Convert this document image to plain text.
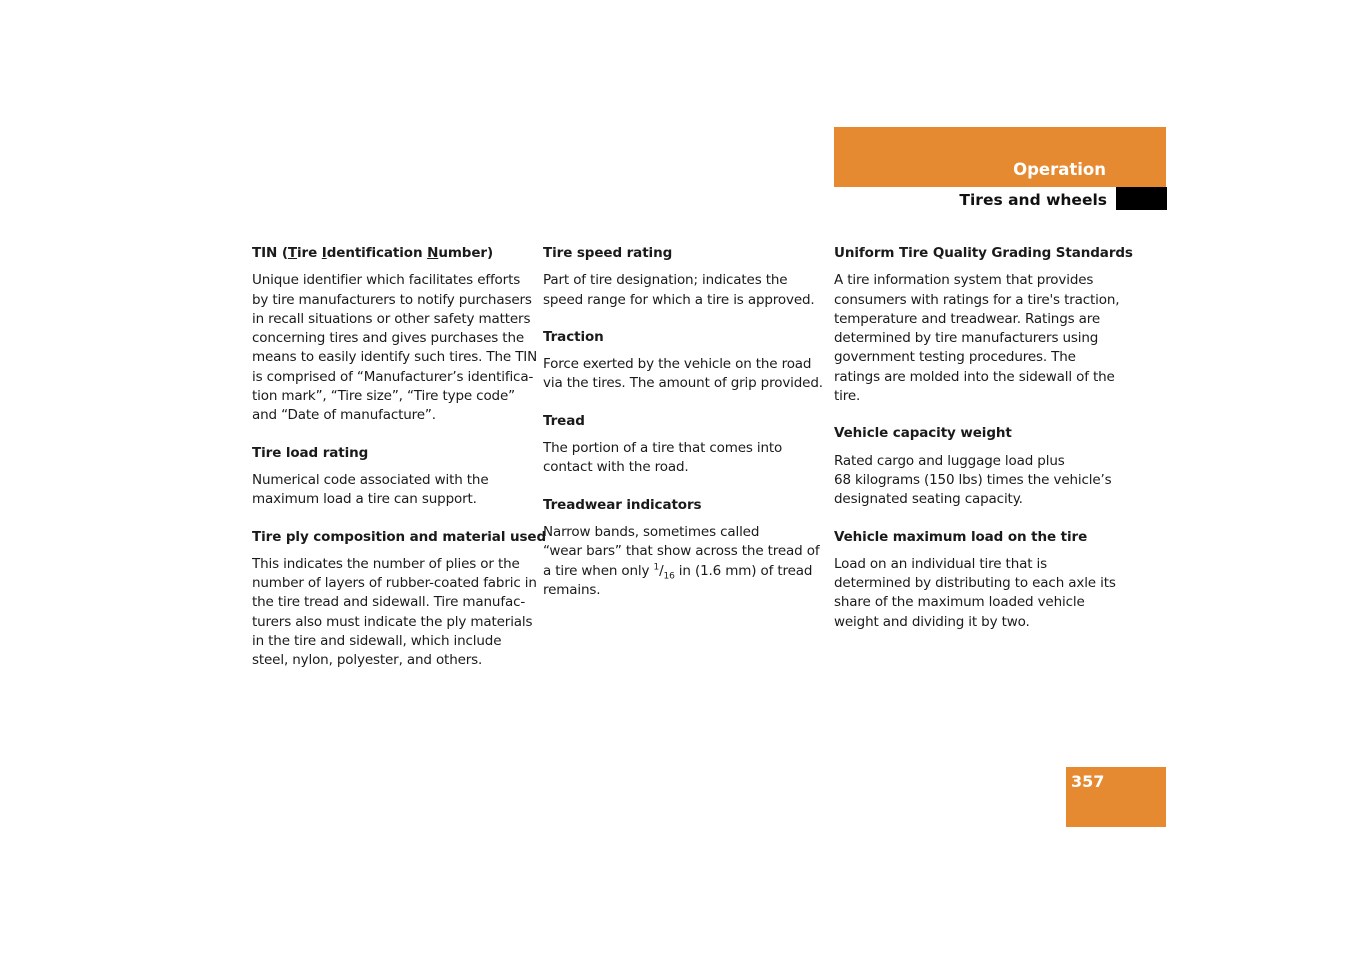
Operation
Tires and wheels
TIN (Tire Identification Number)

Unique identifier which facilitates efforts
by tire manufacturers to notify purchasers
in recall situations or other safety matters
concerning tires and gives purchases the
means to easily identify such tires. The TIN
is comprised of “Manufacturer’s identifica-
tion mark”, “Tire size”, “Tire type code”
and “Date of manufacture”.

Tire load rating

Numerical code associated with the
maximum load a tire can support.

Tire ply composition and material used

This indicates the number of plies or the
number of layers of rubber-coated fabric in
the tire tread and sidewall. Tire manufac-
turers also must indicate the ply materials
in the tire and sidewall, which include
steel, nylon, polyester, and others.

Tire speed rating

Part of tire designation; indicates the
speed range for which a tire is approved.

Traction

Force exerted by the vehicle on the road
via the tires. The amount of grip provided.

Tread

The portion of a tire that comes into
contact with the road.

Treadwear indicators

Narrow bands, sometimes called
“wear bars” that show across the tread of
a tire when only $^1/_{16}$ in (1.6 mm) of tread
remains.

Uniform Tire Quality Grading Standards

A tire information system that provides
consumers with ratings for a tire's traction,
temperature and treadwear. Ratings are
determined by tire manufacturers using
government testing procedures. The
ratings are molded into the sidewall of the
tire.

Vehicle capacity weight

Rated cargo and luggage load plus
68 kilograms (150 lbs) times the vehicle’s
designated seating capacity.

Vehicle maximum load on the tire

Load on an individual tire that is
determined by distributing to each axle its
share of the maximum loaded vehicle
weight and dividing it by two.

357
